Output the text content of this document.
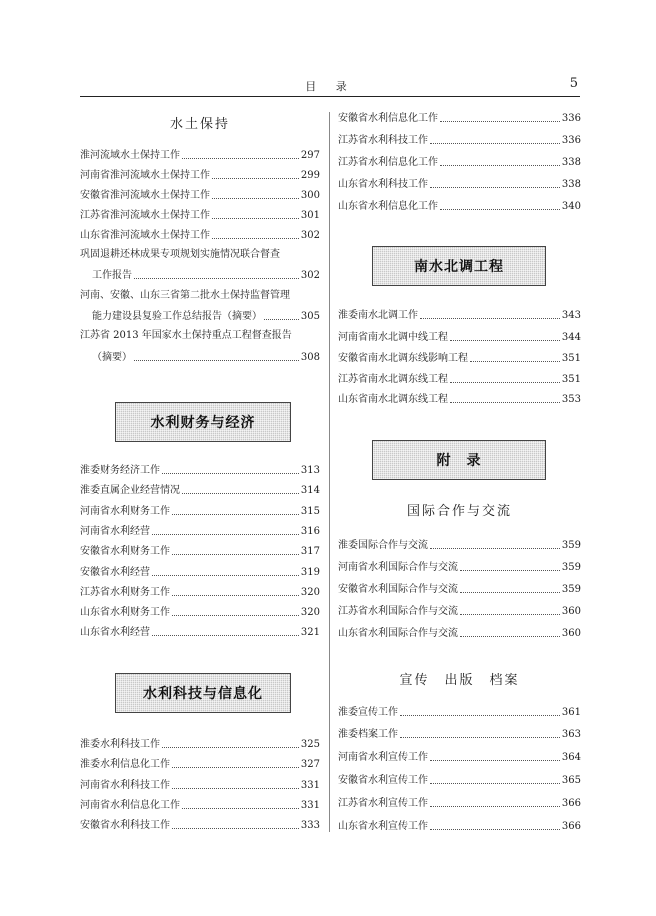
目 录	5
水土保持
淮河流域水土保持工作	297
河南省淮河流域水土保持工作	299
安徽省淮河流域水土保持工作	300
江苏省淮河流域水土保持工作	301
山东省淮河流域水土保持工作	302
巩固退耕还林成果专项规划实施情况联合督查
工作报告	302
河南、安徽、山东三省第二批水土保持监督管理
能力建设县复验工作总结报告（摘要）	305
江苏省 2013 年国家水土保持重点工程督查报告
（摘要）	308
水利财务与经济
淮委财务经济工作	313
淮委直属企业经营情况	314
河南省水利财务工作	315
河南省水利经营	316
安徽省水利财务工作	317
安徽省水利经营	319
江苏省水利财务工作	320
山东省水利财务工作	320
山东省水利经营	321
水利科技与信息化
淮委水利科技工作	325
淮委水利信息化工作	327
河南省水利科技工作	331
河南省水利信息化工作	331
安徽省水利科技工作	333
安徽省水利信息化工作	336
江苏省水利科技工作	336
江苏省水利信息化工作	338
山东省水利科技工作	338
山东省水利信息化工作	340
南水北调工程
淮委南水北调工作	343
河南省南水北调中线工程	344
安徽省南水北调东线影响工程	351
江苏省南水北调东线工程	351
山东省南水北调东线工程	353
附　录
国际合作与交流
淮委国际合作与交流	359
河南省水利国际合作与交流	359
安徽省水利国际合作与交流	359
江苏省水利国际合作与交流	360
山东省水利国际合作与交流	360
宣传　出版　档案
淮委宣传工作	361
淮委档案工作	363
河南省水利宣传工作	364
安徽省水利宣传工作	365
江苏省水利宣传工作	366
山东省水利宣传工作	366
